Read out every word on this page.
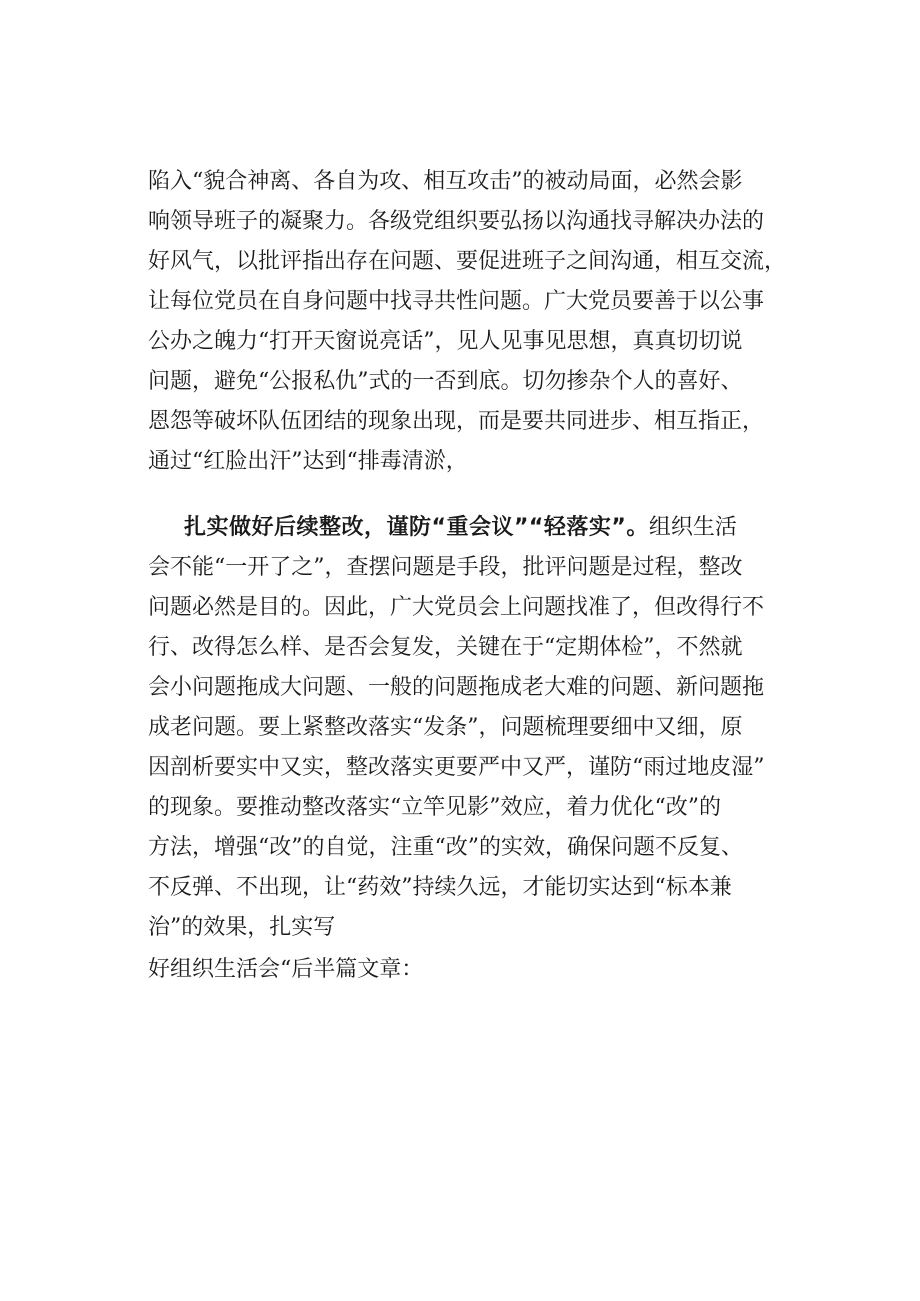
陷入“貌合神离、各自为攻、相互攻击”的被动局面，必然会影
响领导班子的凝聚力。各级党组织要弘扬以沟通找寻解决办法的
好风气，以批评指出存在问题、要促进班子之间沟通，相互交流，
让每位党员在自身问题中找寻共性问题。广大党员要善于以公事
公办之魄力“打开天窗说亮话”，见人见事见思想，真真切切说
问题，避免“公报私仇”式的一否到底。切勿掺杂个人的喜好、
恩怨等破坏队伍团结的现象出现，而是要共同进步、相互指正，
通过“红脸出汗”达到“排毒清淤，
扎实做好后续整改，谨防“重会议”“轻落实”。组织生活
会不能“一开了之”，查摆问题是手段，批评问题是过程，整改
问题必然是目的。因此，广大党员会上问题找准了，但改得行不
行、改得怎么样、是否会复发，关键在于“定期体检”，不然就
会小问题拖成大问题、一般的问题拖成老大难的问题、新问题拖
成老问题。要上紧整改落实“发条”，问题梳理要细中又细，原
因剖析要实中又实，整改落实更要严中又严，谨防“雨过地皮湿”
的现象。要推动整改落实“立竿见影”效应，着力优化“改”的
方法，增强“改”的自觉，注重“改”的实效，确保问题不反复、
不反弹、不出现，让“药效”持续久远，才能切实达到“标本兼
治”的效果，扎实写
好组织生活会“后半篇文章：
